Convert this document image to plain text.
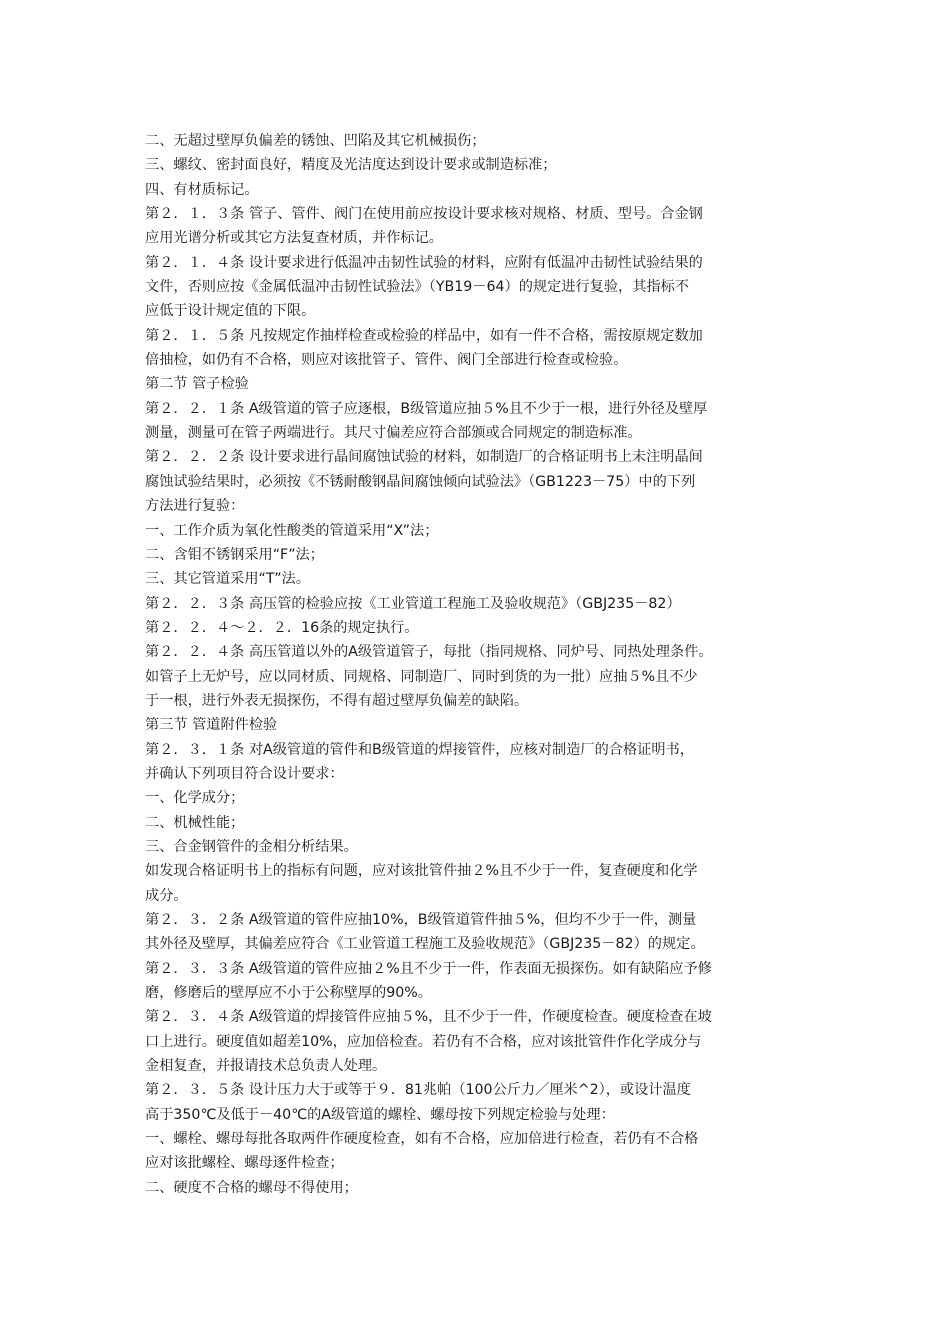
二、无超过壁厚负偏差的锈蚀、凹陷及其它机械损伤；
三、螺纹、密封面良好，精度及光洁度达到设计要求或制造标准；
四、有材质标记。
第２．１．３条 管子、管件、阀门在使用前应按设计要求核对规格、材质、型号。合金钢
应用光谱分析或其它方法复查材质，并作标记。
第２．１．４条 设计要求进行低温冲击韧性试验的材料，应附有低温冲击韧性试验结果的
文件，否则应按《金属低温冲击韧性试验法》（YB19－64）的规定进行复验，其指标不
应低于设计规定值的下限。
第２．１．５条 凡按规定作抽样检查或检验的样品中，如有一件不合格，需按原规定数加
倍抽检，如仍有不合格，则应对该批管子、管件、阀门全部进行检查或检验。
第二节 管子检验
第２．２．１条 A级管道的管子应逐根，B级管道应抽５%且不少于一根，进行外径及壁厚
测量，测量可在管子两端进行。其尺寸偏差应符合部颁或合同规定的制造标准。
第２．２．２条 设计要求进行晶间腐蚀试验的材料，如制造厂的合格证明书上未注明晶间
腐蚀试验结果时，必须按《不锈耐酸钢晶间腐蚀倾向试验法》（GB1223－75）中的下列
方法进行复验：
一、工作介质为氧化性酸类的管道采用“X”法；
二、含钼不锈钢采用“F”法；
三、其它管道采用“T”法。
第２．２．３条 高压管的检验应按《工业管道工程施工及验收规范》（GBJ235－82）
第２．２．４～２．２．16条的规定执行。
第２．２．４条 高压管道以外的A级管道管子，每批（指同规格、同炉号、同热处理条件。
如管子上无炉号，应以同材质、同规格、同制造厂、同时到货的为一批）应抽５%且不少
于一根，进行外表无损探伤，不得有超过壁厚负偏差的缺陷。
第三节 管道附件检验
第２．３．１条 对A级管道的管件和B级管道的焊接管件，应核对制造厂的合格证明书，
并确认下列项目符合设计要求：
一、化学成分；
二、机械性能；
三、合金钢管件的金相分析结果。
如发现合格证明书上的指标有问题，应对该批管件抽２%且不少于一件，复查硬度和化学
成分。
第２．３．２条 A级管道的管件应抽10%，B级管道管件抽５%，但均不少于一件，测量
其外径及壁厚，其偏差应符合《工业管道工程施工及验收规范》（GBJ235－82）的规定。
第２．３．３条 A级管道的管件应抽２%且不少于一件，作表面无损探伤。如有缺陷应予修
磨，修磨后的壁厚应不小于公称壁厚的90%。
第２．３．４条 A级管道的焊接管件应抽５%，且不少于一件，作硬度检查。硬度检查在坡
口上进行。硬度值如超差10%，应加倍检查。若仍有不合格，应对该批管件作化学成分与
金相复查，并报请技术总负责人处理。
第２．３．５条 设计压力大于或等于９．81兆帕（100公斤力／厘米^2），或设计温度
高于350℃及低于－40℃的A级管道的螺栓、螺母按下列规定检验与处理：
一、螺栓、螺母每批各取两件作硬度检查，如有不合格，应加倍进行检查，若仍有不合格
应对该批螺栓、螺母逐件检查；
二、硬度不合格的螺母不得使用；
